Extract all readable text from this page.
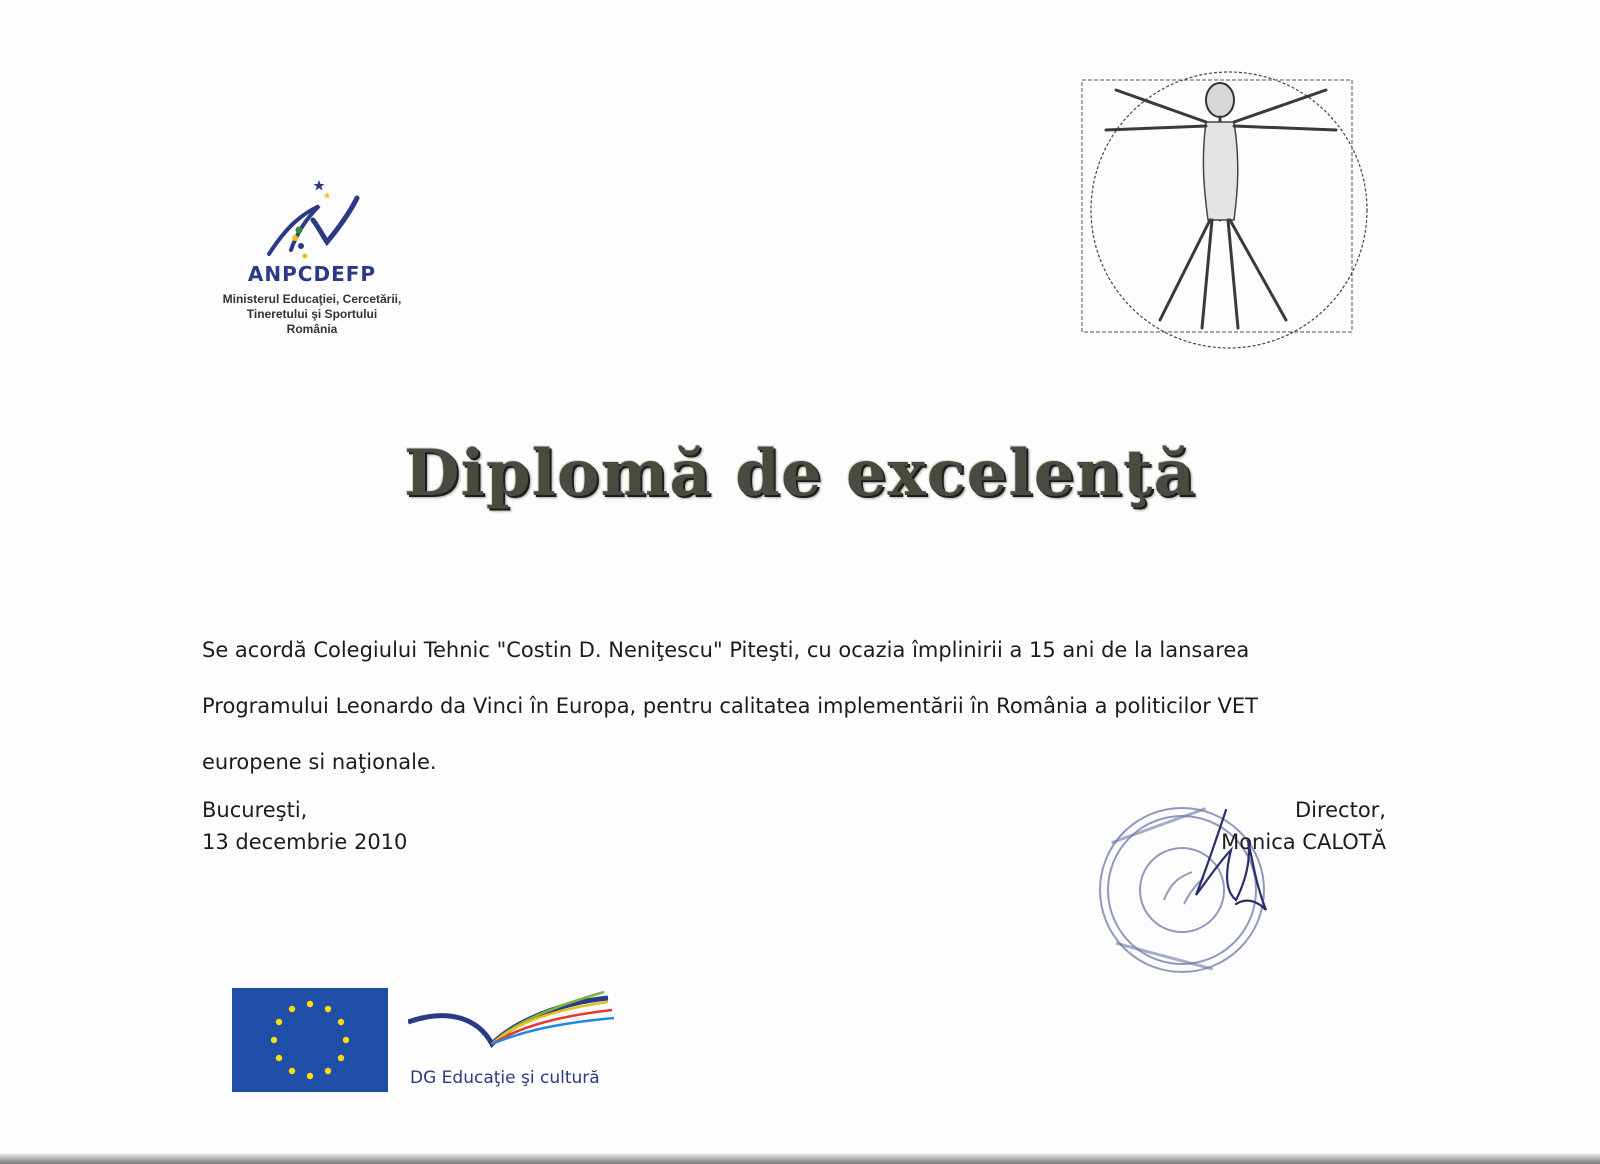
ANPCDEFP
Ministerul Educaţiei, Cercetării,
Tineretului şi Sportului
România
Diplomă de excelenţă
Se acordă Colegiului Tehnic "Costin D. Neniţescu" Piteşti, cu ocazia împlinirii a 15 ani de la lansarea
Programului Leonardo da Vinci în Europa, pentru calitatea implementării în România a politicilor VET
europene si naţionale.
Bucureşti,
13 decembrie 2010
Director,
Monica CALOTĂ
DG Educaţie şi cultură
